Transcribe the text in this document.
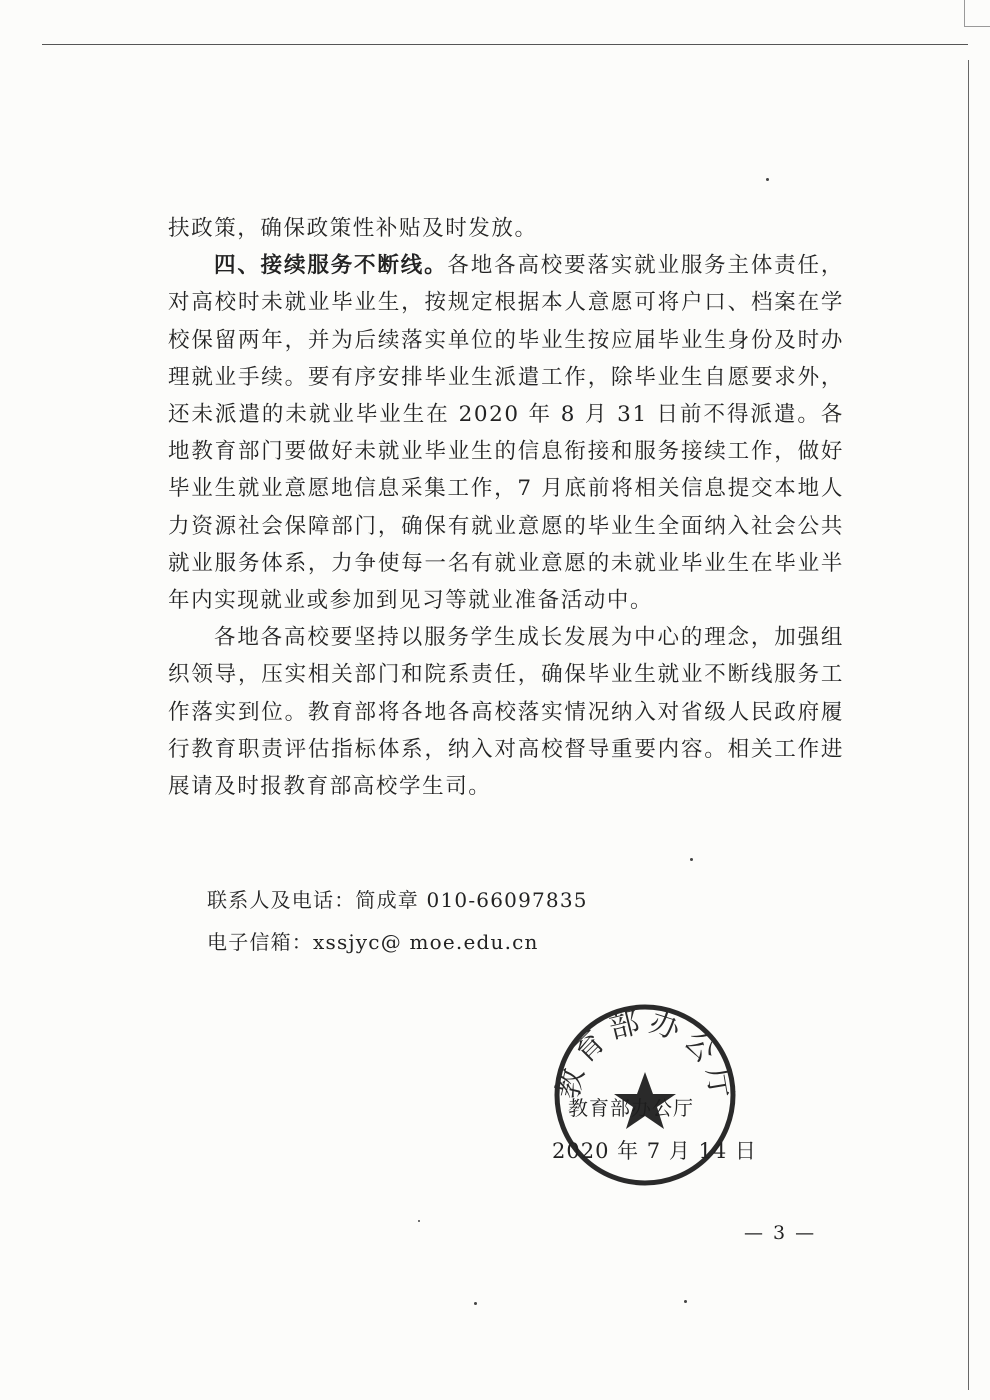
扶政策，确保政策性补贴及时发放。

四、接续服务不断线。各地各高校要落实就业服务主体责任，对高校时未就业毕业生，按规定根据本人意愿可将户口、档案在学校保留两年，并为后续落实单位的毕业生按应届毕业生身份及时办理就业手续。要有序安排毕业生派遣工作，除毕业生自愿要求外，还未派遣的未就业毕业生在 2020 年 8 月 31 日前不得派遣。各地教育部门要做好未就业毕业生的信息衔接和服务接续工作，做好毕业生就业意愿地信息采集工作，7 月底前将相关信息提交本地人力资源社会保障部门，确保有就业意愿的毕业生全面纳入社会公共就业服务体系，力争使每一名有就业意愿的未就业毕业生在毕业半年内实现就业或参加到见习等就业准备活动中。

各地各高校要坚持以服务学生成长发展为中心的理念，加强组织领导，压实相关部门和院系责任，确保毕业生就业不断线服务工作落实到位。教育部将各地各高校落实情况纳入对省级人民政府履行教育职责评估指标体系，纳入对高校督导重要内容。相关工作进展请及时报教育部高校学生司。

联系人及电话：简成章 010-66097835
电子信箱：xssjyc@ moe.edu.cn
教育部办公厅
教育部办公厅
2020 年 7 月 14 日
— 3 —
